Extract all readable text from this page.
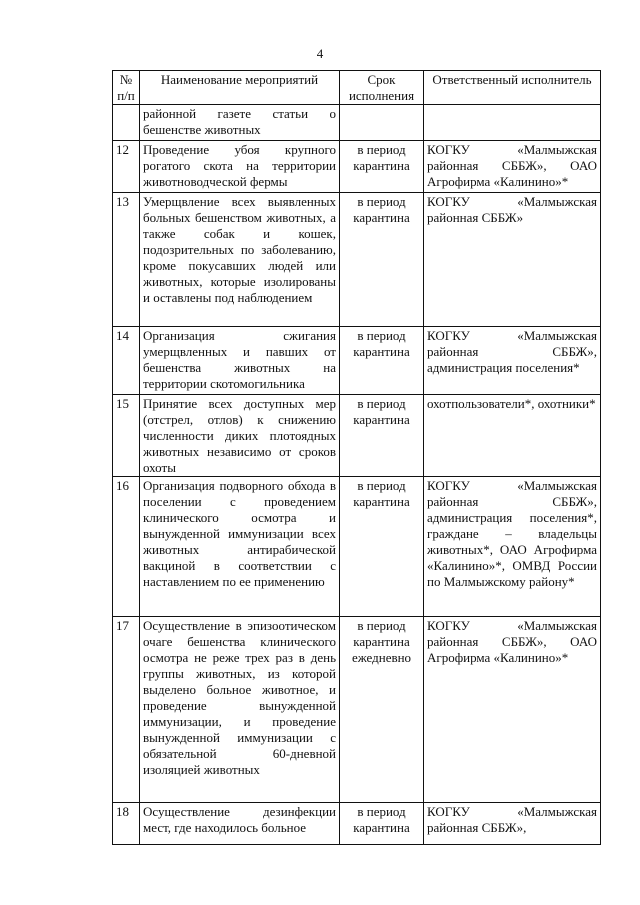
4
№ п/п	Наименование мероприятий	Срок исполнения	Ответственный исполнитель
	районной газете статьи о бешенстве животных		
12	Проведение убоя крупного рогатого скота на территории животноводческой фермы	в период карантина	КОГКУ «Малмыжская районная СББЖ», ОАО Агрофирма «Калинино»*
13	Умерщвление всех выявленных больных бешенством животных, а также собак и кошек, подозрительных по заболеванию, кроме покусавших людей или животных, которые изолированы и оставлены под наблюдением	в период карантина	КОГКУ «Малмыжская районная СББЖ»
14	Организация сжигания умерщвленных и павших от бешенства животных на территории скотомогильника	в период карантина	КОГКУ «Малмыжская районная СББЖ», администрация поселения*
15	Принятие всех доступных мер (отстрел, отлов) к снижению численности диких плотоядных животных независимо от сроков охоты	в период карантина	охотпользователи*, охотники*
16	Организация подворного обхода в поселении с проведением клинического осмотра и вынужденной иммунизации всех животных антирабической вакциной в соответствии с наставлением по ее применению	в период карантина	КОГКУ «Малмыжская районная СББЖ», администрация поселения*, граждане – владельцы животных*, ОАО Агрофирма «Калинино»*, ОМВД России по Малмыжскому району*
17	Осуществление в эпизоотическом очаге бешенства клинического осмотра не реже трех раз в день группы животных, из которой выделено больное животное, и проведение вынужденной иммунизации, и проведение вынужденной иммунизации с обязательной 60-дневной изоляцией животных	в период карантина ежедневно	КОГКУ «Малмыжская районная СББЖ», ОАО Агрофирма «Калинино»*
18	Осуществление дезинфекции мест, где находилось больное	в период карантина	КОГКУ «Малмыжская районная СББЖ»,
